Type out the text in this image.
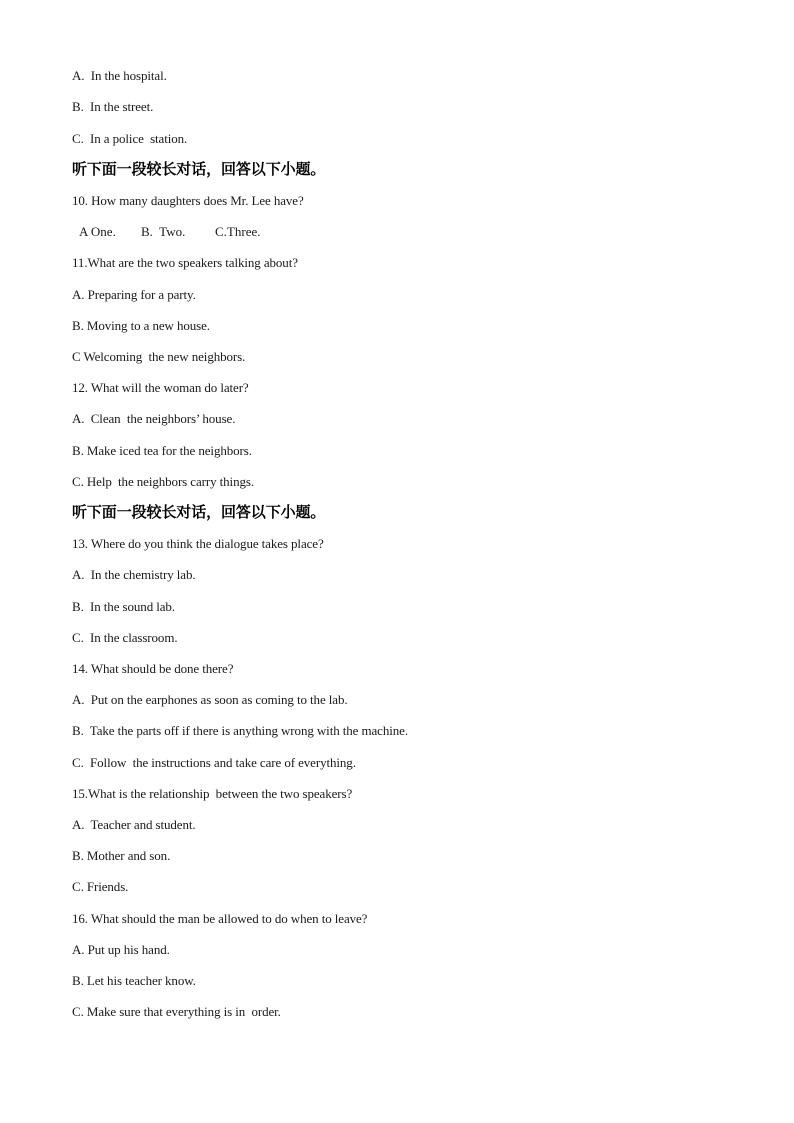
A.  In the hospital.
B.  In the street.
C.  In a police  station.
听下面一段较长对话，回答以下小题。
10. How many daughters does Mr. Lee have?

A One.

B.  Two.

C.Three.

11.What are the two speakers talking about?
A. Preparing for a party.
B. Moving to a new house.
C Welcoming  the new neighbors.
12. What will the woman do later?
A.  Clean  the neighbors’ house.
B. Make iced tea for the neighbors.
C. Help  the neighbors carry things.
听下面一段较长对话，回答以下小题。
13. Where do you think the dialogue takes place?
A.  In the chemistry lab.
B.  In the sound lab.
C.  In the classroom.
14. What should be done there?
A.  Put on the earphones as soon as coming to the lab.
B.  Take the parts off if there is anything wrong with the machine.
C.  Follow  the instructions and take care of everything.
15.What is the relationship  between the two speakers?
A.  Teacher and student.
B. Mother and son.
C. Friends.
16. What should the man be allowed to do when to leave?
A. Put up his hand.
B. Let his teacher know.
C. Make sure that everything is in  order.
